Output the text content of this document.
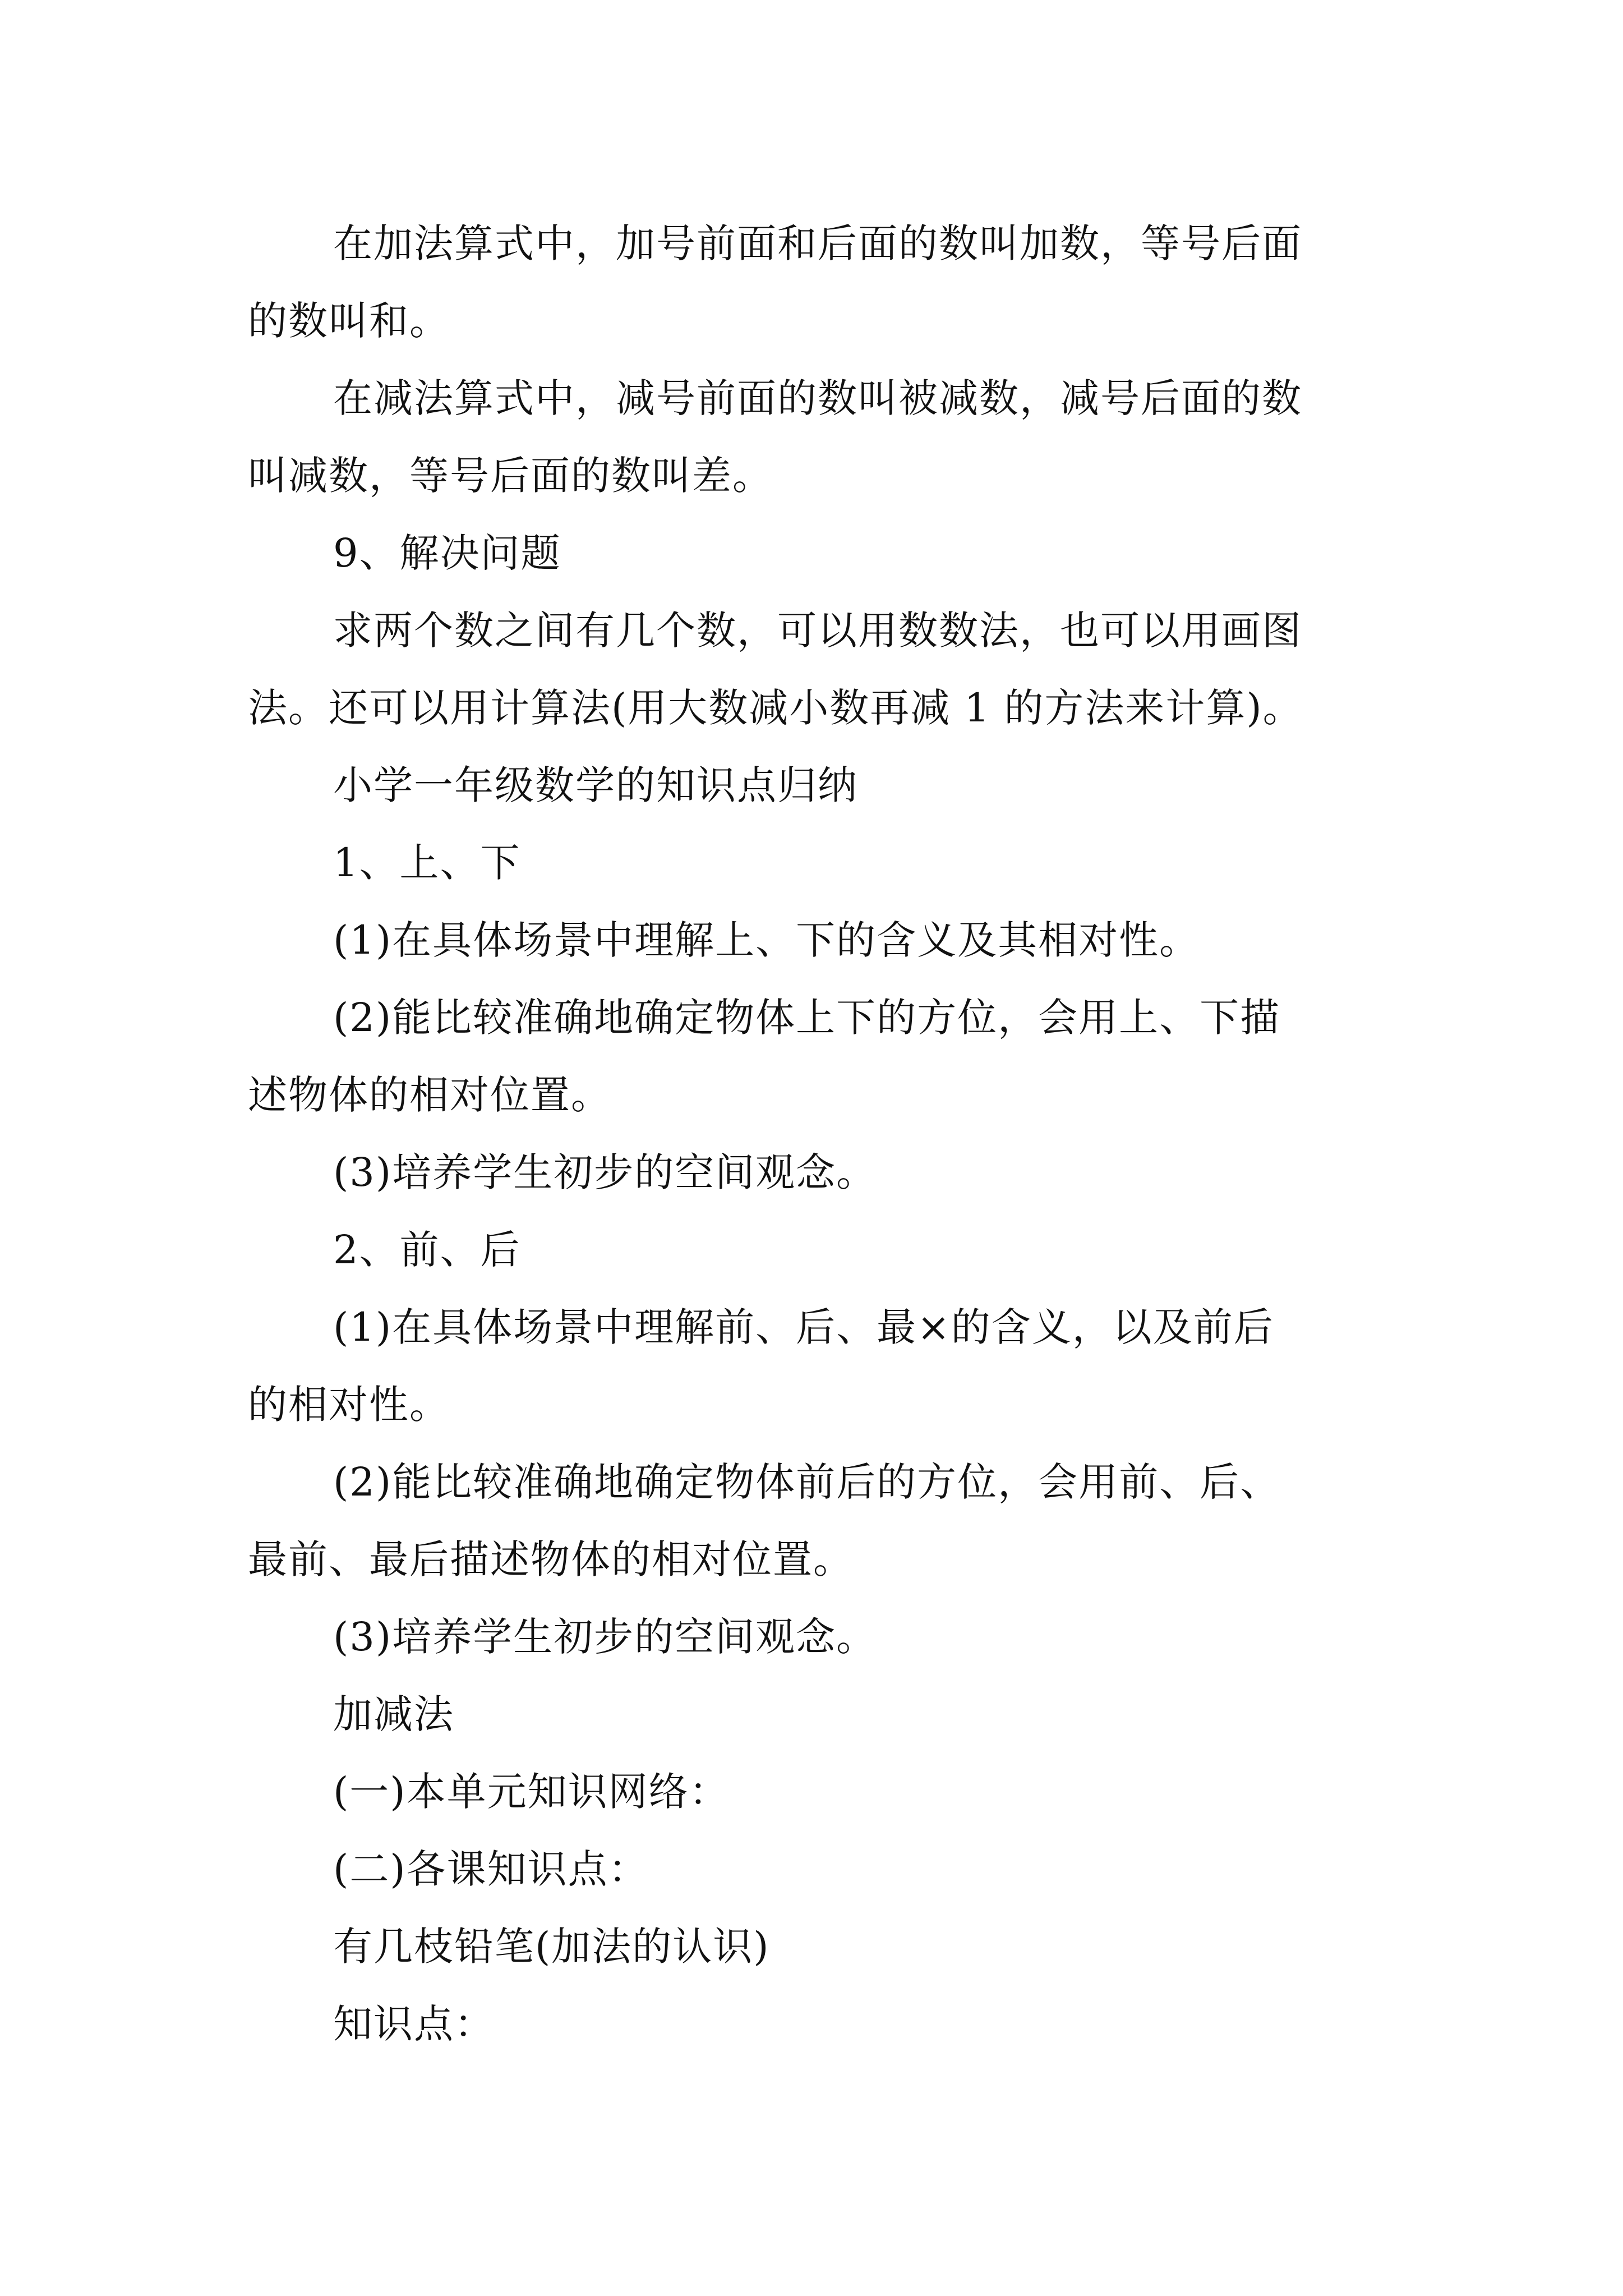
在加法算式中，加号前面和后面的数叫加数，等号后面

的数叫和。

在减法算式中，减号前面的数叫被减数，减号后面的数

叫减数，等号后面的数叫差。

9、解决问题

求两个数之间有几个数，可以用数数法，也可以用画图

法。还可以用计算法(用大数减小数再减 1 的方法来计算)。

小学一年级数学的知识点归纳

1、上、下

(1)在具体场景中理解上、下的含义及其相对性。

(2)能比较准确地确定物体上下的方位，会用上、下描

述物体的相对位置。

(3)培养学生初步的空间观念。

2、前、后

(1)在具体场景中理解前、后、最×的含义，以及前后

的相对性。

(2)能比较准确地确定物体前后的方位，会用前、后、

最前、最后描述物体的相对位置。

(3)培养学生初步的空间观念。

加减法

(一)本单元知识网络：

(二)各课知识点：

有几枝铅笔(加法的认识)

知识点：
